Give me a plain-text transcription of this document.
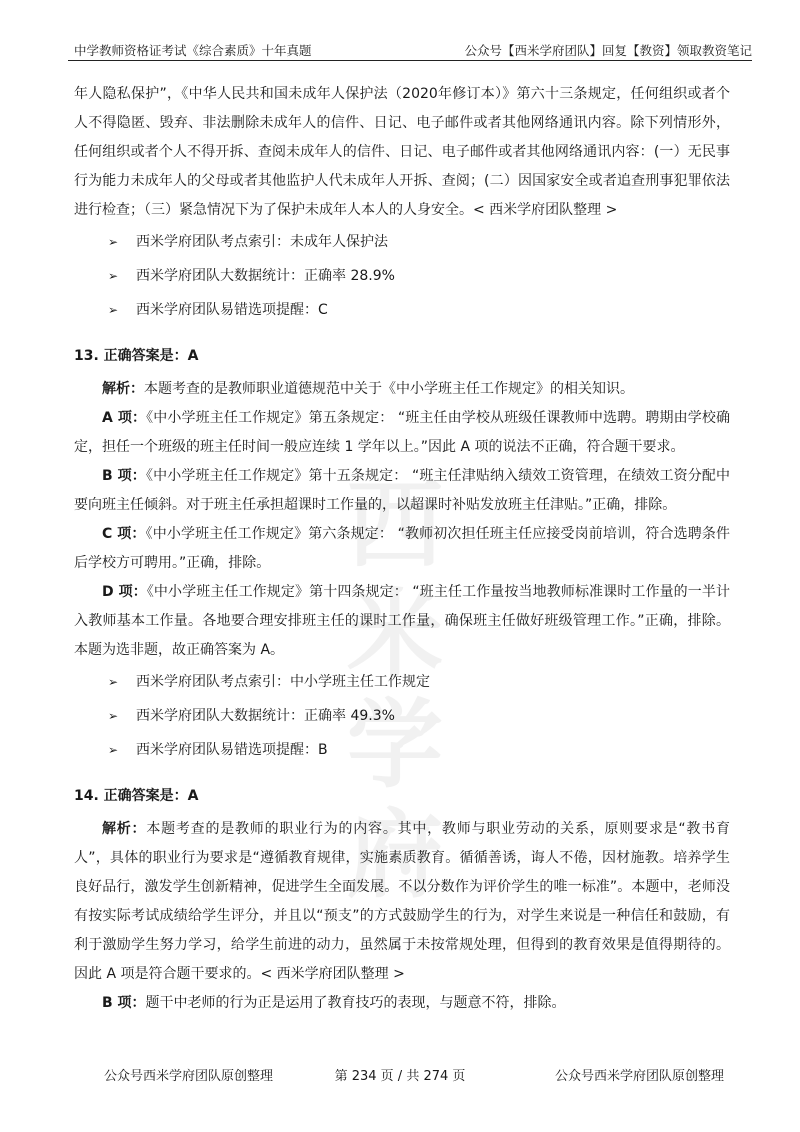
中学教师资格证考试《综合素质》十年真题	公众号【西米学府团队】回复【教资】领取教资笔记
西
米
学
府

年人隐私保护”，《中华人民共和国未成年人保护法（2020年修订本）》第六十三条规定，任何组织或者个人不得隐匿、毁弃、非法删除未成年人的信件、日记、电子邮件或者其他网络通讯内容。除下列情形外，任何组织或者个人不得开拆、查阅未成年人的信件、日记、电子邮件或者其他网络通讯内容：(一）无民事行为能力未成年人的父母或者其他监护人代未成年人开拆、查阅；(二）因国家安全或者追查刑事犯罪依法进行检查；（三）紧急情况下为了保护未成年人本人的人身安全。< 西米学府团队整理 >

➢ 西米学府团队考点索引：未成年人保护法
➢ 西米学府团队大数据统计：正确率 28.9%
➢ 西米学府团队易错选项提醒：C

13. 正确答案是：A

解析：本题考查的是教师职业道德规范中关于《中小学班主任工作规定》的相关知识。

A 项：《中小学班主任工作规定》第五条规定： “班主任由学校从班级任课教师中选聘。聘期由学校确定，担任一个班级的班主任时间一般应连续 1 学年以上。”因此 A 项的说法不正确，符合题干要求。

B 项：《中小学班主任工作规定》第十五条规定： “班主任津贴纳入绩效工资管理，在绩效工资分配中要向班主任倾斜。对于班主任承担超课时工作量的，以超课时补贴发放班主任津贴。”正确，排除。

C 项：《中小学班主任工作规定》第六条规定： “教师初次担任班主任应接受岗前培训，符合选聘条件后学校方可聘用。”正确，排除。

D 项：《中小学班主任工作规定》第十四条规定： “班主任工作量按当地教师标准课时工作量的一半计入教师基本工作量。各地要合理安排班主任的课时工作量，确保班主任做好班级管理工作。”正确，排除。本题为选非题，故正确答案为 A。

➢ 西米学府团队考点索引：中小学班主任工作规定
➢ 西米学府团队大数据统计：正确率 49.3%
➢ 西米学府团队易错选项提醒：B

14. 正确答案是：A

解析：本题考查的是教师的职业行为的内容。其中，教师与职业劳动的关系，原则要求是“教书育人”，具体的职业行为要求是“遵循教育规律，实施素质教育。循循善诱，诲人不倦，因材施教。培养学生良好品行，激发学生创新精神，促进学生全面发展。不以分数作为评价学生的唯一标准”。本题中，老师没有按实际考试成绩给学生评分，并且以“预支”的方式鼓励学生的行为，对学生来说是一种信任和鼓励，有利于激励学生努力学习，给学生前进的动力，虽然属于未按常规处理，但得到的教育效果是值得期待的。因此 A 项是符合题干要求的。< 西米学府团队整理 >

B 项：题干中老师的行为正是运用了教育技巧的表现，与题意不符，排除。

公众号西米学府团队原创整理	第 234 页 / 共 274 页	公众号西米学府团队原创整理
